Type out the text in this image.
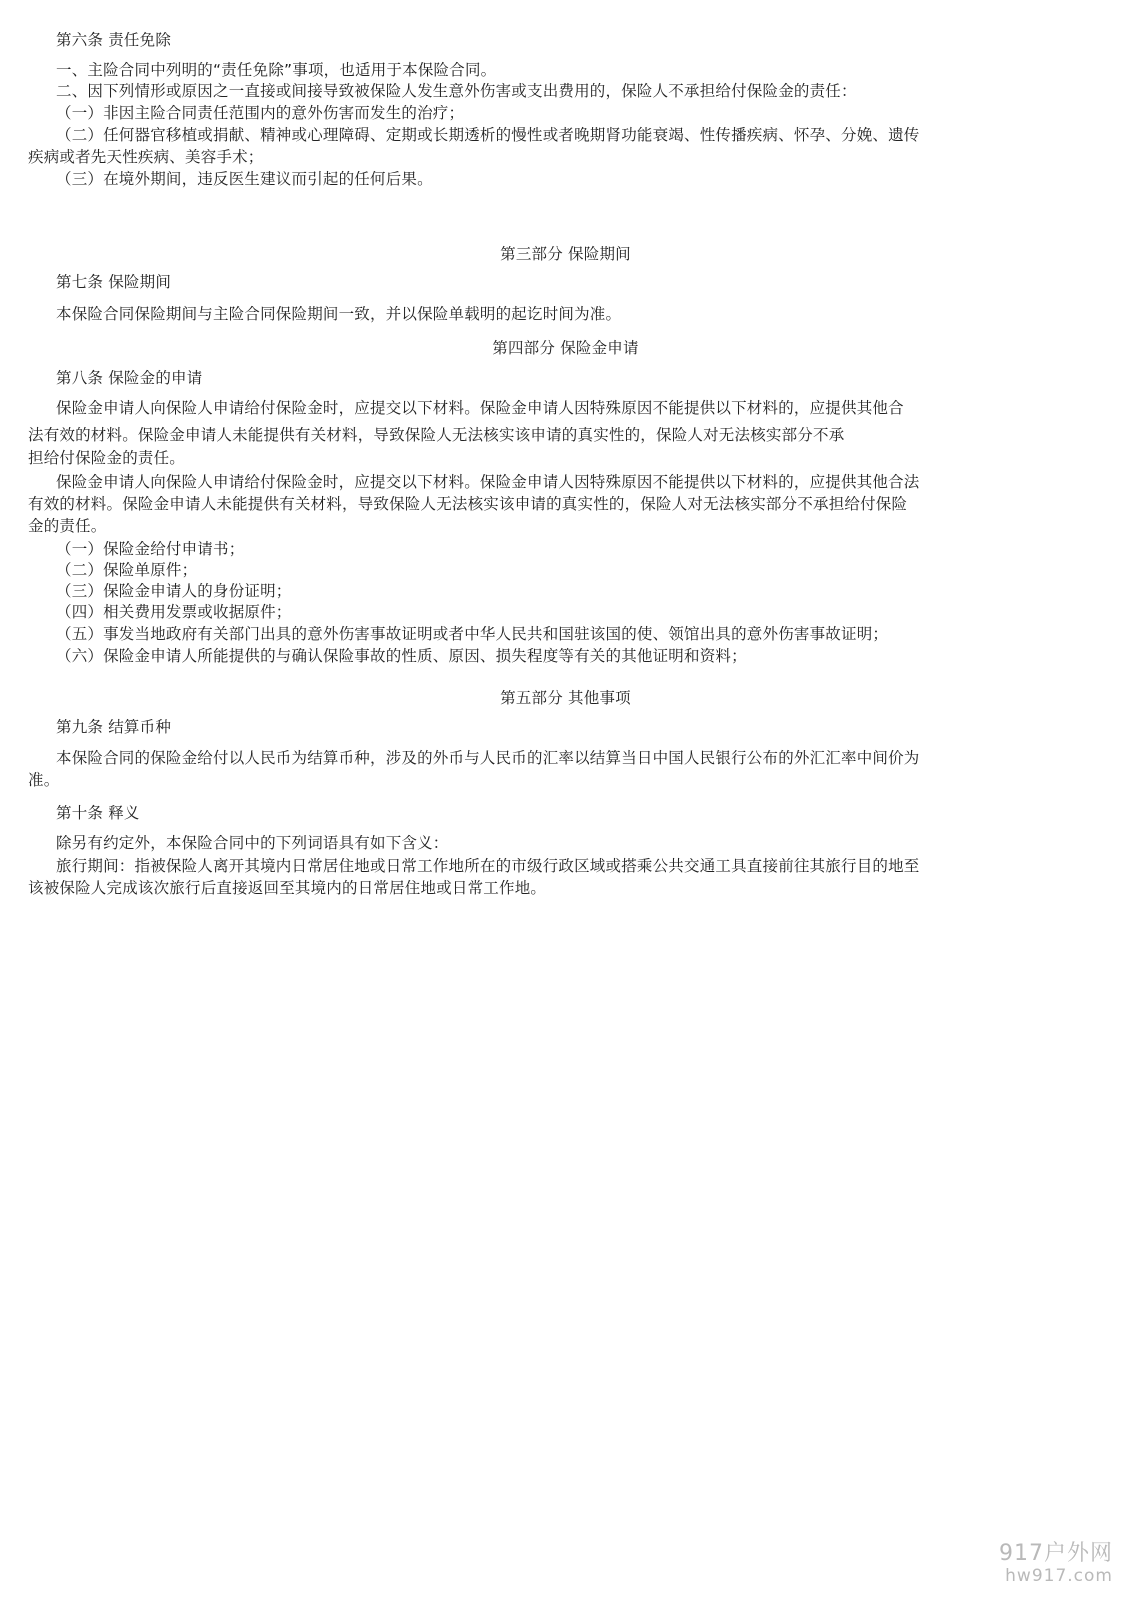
第六条 责任免除
一、主险合同中列明的“责任免除”事项，也适用于本保险合同。
二、因下列情形或原因之一直接或间接导致被保险人发生意外伤害或支出费用的，保险人不承担给付保险金的责任：
（一）非因主险合同责任范围内的意外伤害而发生的治疗；
（二）任何器官移植或捐献、精神或心理障碍、定期或长期透析的慢性或者晚期肾功能衰竭、性传播疾病、怀孕、分娩、遗传
疾病或者先天性疾病、美容手术；
（三）在境外期间，违反医生建议而引起的任何后果。
第三部分 保险期间
第七条 保险期间
本保险合同保险期间与主险合同保险期间一致，并以保险单载明的起讫时间为准。
第四部分 保险金申请
第八条 保险金的申请
保险金申请人向保险人申请给付保险金时，应提交以下材料。保险金申请人因特殊原因不能提供以下材料的，应提供其他合
法有效的材料。保险金申请人未能提供有关材料，导致保险人无法核实该申请的真实性的，保险人对无法核实部分不承
担给付保险金的责任。
保险金申请人向保险人申请给付保险金时，应提交以下材料。保险金申请人因特殊原因不能提供以下材料的，应提供其他合法
有效的材料。保险金申请人未能提供有关材料，导致保险人无法核实该申请的真实性的，保险人对无法核实部分不承担给付保险
金的责任。
（一）保险金给付申请书；
（二）保险单原件；
（三）保险金申请人的身份证明；
（四）相关费用发票或收据原件；
（五）事发当地政府有关部门出具的意外伤害事故证明或者中华人民共和国驻该国的使、领馆出具的意外伤害事故证明；
（六）保险金申请人所能提供的与确认保险事故的性质、原因、损失程度等有关的其他证明和资料；
第五部分 其他事项
第九条 结算币种
本保险合同的保险金给付以人民币为结算币种，涉及的外币与人民币的汇率以结算当日中国人民银行公布的外汇汇率中间价为
准。
第十条 释义
除另有约定外，本保险合同中的下列词语具有如下含义：
旅行期间：指被保险人离开其境内日常居住地或日常工作地所在的市级行政区域或搭乘公共交通工具直接前往其旅行目的地至
该被保险人完成该次旅行后直接返回至其境内的日常居住地或日常工作地。
917户外网
hw917.com
